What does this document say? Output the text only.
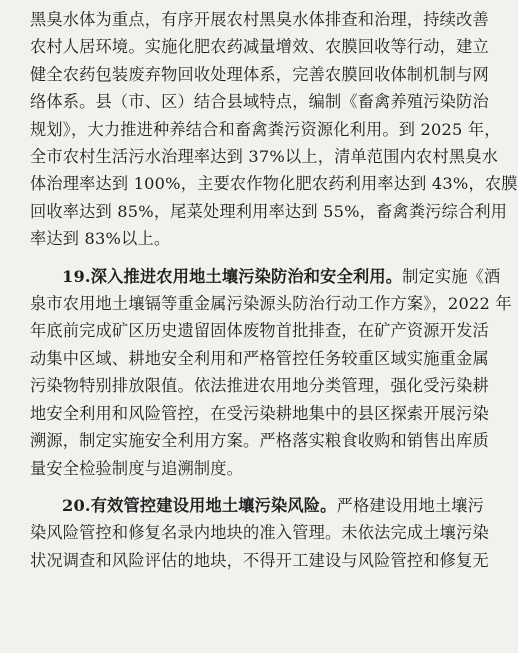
黑臭水体为重点，有序开展农村黑臭水体排查和治理，持续改善
农村人居环境。实施化肥农药减量增效、农膜回收等行动，建立
健全农药包装废弃物回收处理体系，完善农膜回收体制机制与网
络体系。县（市、区）结合县域特点，编制《畜禽养殖污染防治
规划》，大力推进种养结合和畜禽粪污资源化利用。到 2025 年，
全市农村生活污水治理率达到 37%以上，清单范围内农村黑臭水
体治理率达到 100%，主要农作物化肥农药利用率达到 43%，农膜
回收率达到 85%，尾菜处理利用率达到 55%，畜禽粪污综合利用
率达到 83%以上。
19.深入推进农用地土壤污染防治和安全利用。制定实施《酒
泉市农用地土壤镉等重金属污染源头防治行动工作方案》，2022 年
年底前完成矿区历史遗留固体废物首批排查，在矿产资源开发活
动集中区域、耕地安全利用和严格管控任务较重区域实施重金属
污染物特别排放限值。依法推进农用地分类管理，强化受污染耕
地安全利用和风险管控，在受污染耕地集中的县区探索开展污染
溯源，制定实施安全利用方案。严格落实粮食收购和销售出库质
量安全检验制度与追溯制度。
20.有效管控建设用地土壤污染风险。严格建设用地土壤污
染风险管控和修复名录内地块的准入管理。未依法完成土壤污染
状况调查和风险评估的地块，不得开工建设与风险管控和修复无
